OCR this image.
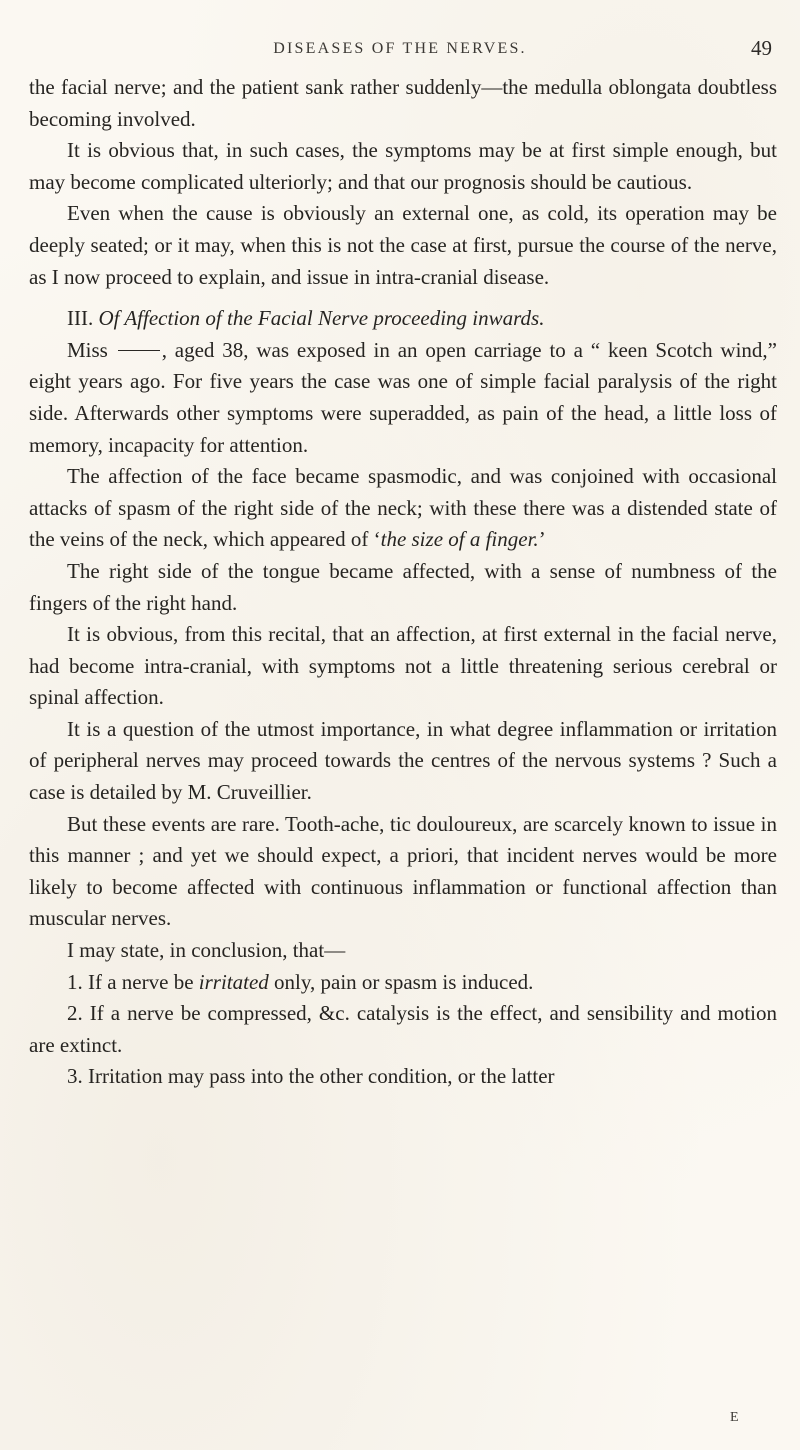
DISEASES OF THE NERVES.	49

the facial nerve; and the patient sank rather suddenly—the medulla oblongata doubtless becoming involved.

It is obvious that, in such cases, the symptoms may be at first simple enough, but may become complicated ulteriorly; and that our prognosis should be cautious.

Even when the cause is obviously an external one, as cold, its operation may be deeply seated; or it may, when this is not the case at first, pursue the course of the nerve, as I now proceed to explain, and issue in intra-cranial disease.

III. Of Affection of the Facial Nerve proceeding inwards.

Miss	, aged 38, was exposed in an open carriage to a “ keen Scotch wind,” eight years ago. For five years the case was one of simple facial paralysis of the right side. Afterwards other symptoms were superadded, as pain of the head, a little loss of memory, incapacity for attention.

The affection of the face became spasmodic, and was conjoined with occasional attacks of spasm of the right side of the neck; with these there was a distended state of the veins of the neck, which appeared of ‘the size of a finger.’

The right side of the tongue became affected, with a sense of numbness of the fingers of the right hand.

It is obvious, from this recital, that an affection, at first external in the facial nerve, had become intra-cranial, with symptoms not a little threatening serious cerebral or spinal affection.

It is a question of the utmost importance, in what degree inflammation or irritation of peripheral nerves may proceed towards the centres of the nervous systems ? Such a case is detailed by M. Cruveillier.

But these events are rare. Tooth-ache, tic douloureux, are scarcely known to issue in this manner ; and yet we should expect, a priori, that incident nerves would be more likely to become affected with continuous inflammation or functional affection than muscular nerves.

I may state, in conclusion, that—

1. If a nerve be irritated only, pain or spasm is induced.

2. If a nerve be compressed, &c. catalysis is the effect, and sensibility and motion are extinct.

3. Irritation may pass into the other condition, or the latter

E
